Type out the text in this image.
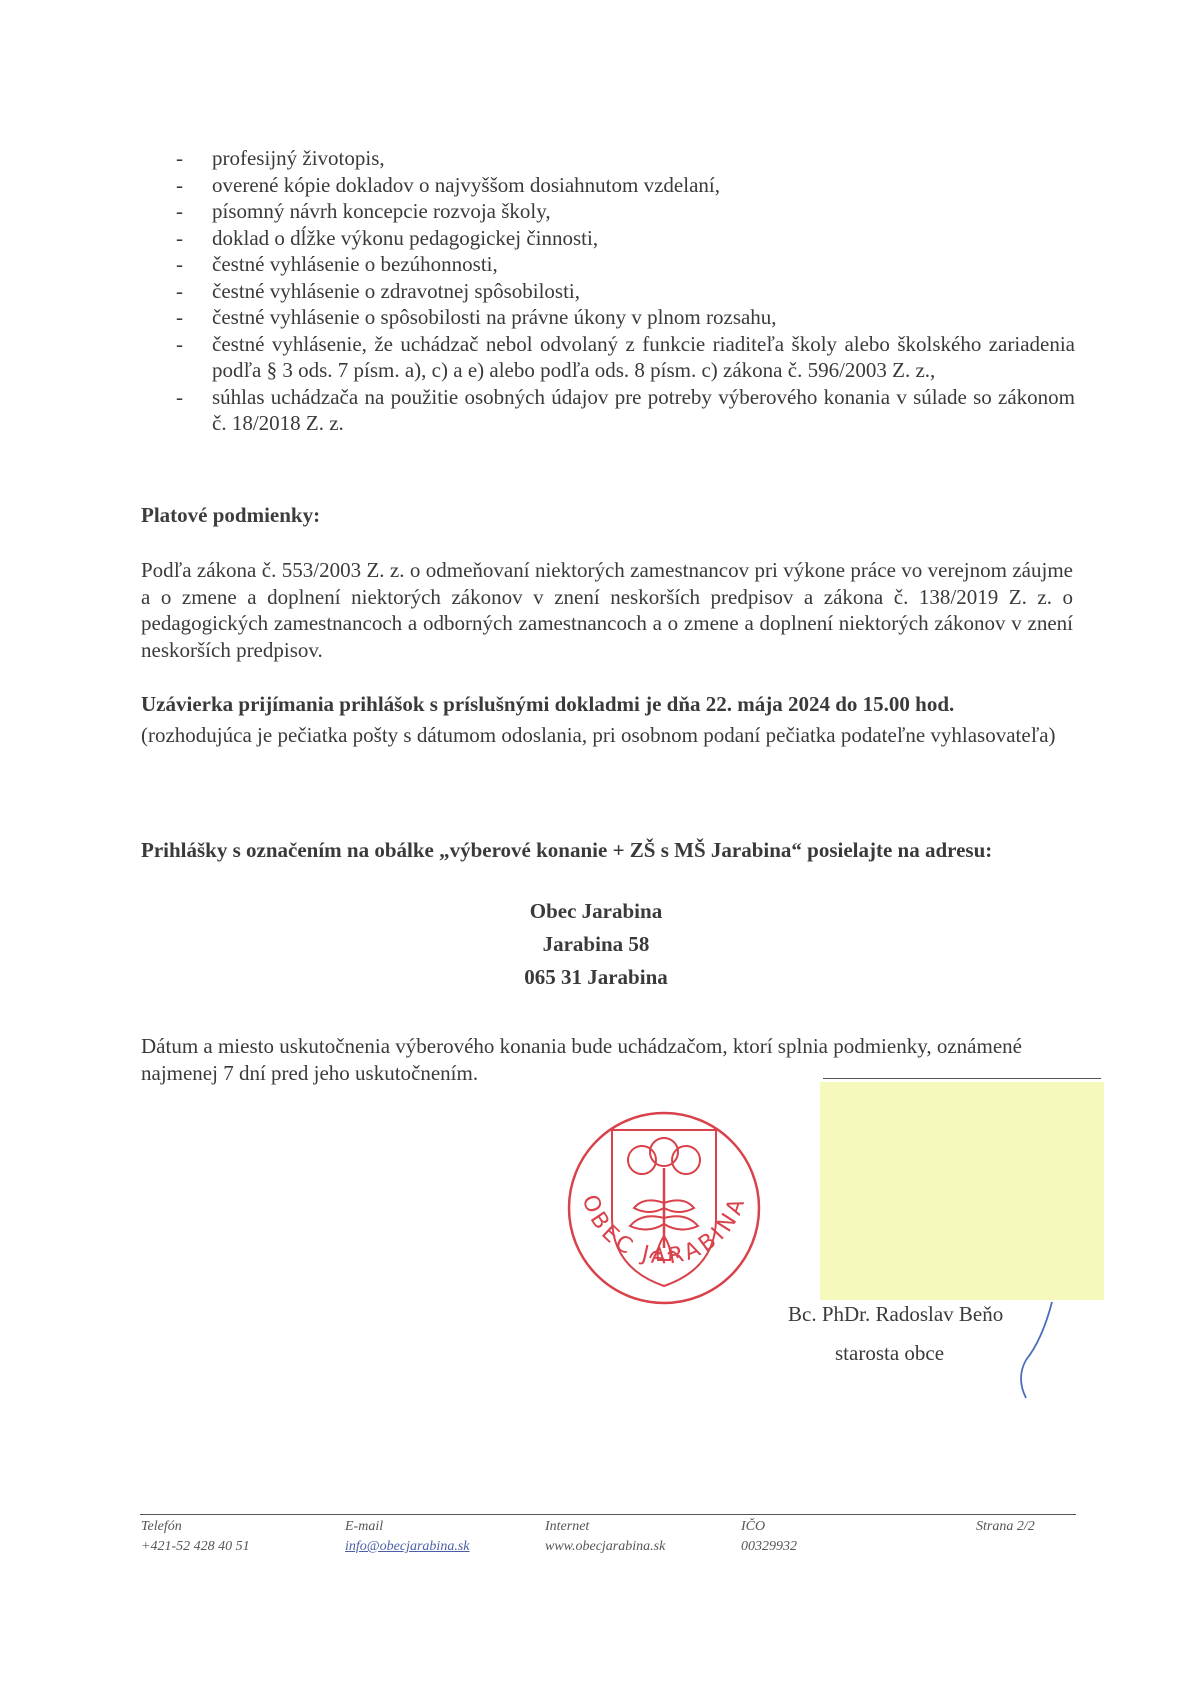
- profesijný životopis,
- overené kópie dokladov o najvyššom dosiahnutom vzdelaní,
- písomný návrh koncepcie rozvoja školy,
- doklad o dĺžke výkonu pedagogickej činnosti,
- čestné vyhlásenie o bezúhonnosti,
- čestné vyhlásenie o zdravotnej spôsobilosti,
- čestné vyhlásenie o spôsobilosti na právne úkony v plnom rozsahu,
- čestné vyhlásenie, že uchádzač nebol odvolaný z funkcie riaditeľa školy alebo školského zariadenia podľa § 3 ods. 7 písm. a), c) a e) alebo podľa ods. 8 písm. c) zákona č. 596/2003 Z. z.,
- súhlas uchádzača na použitie osobných údajov pre potreby výberového konania v súlade so zákonom č. 18/2018 Z. z.
Platové podmienky:
Podľa zákona č. 553/2003 Z. z. o odmeňovaní niektorých zamestnancov pri výkone práce vo verejnom záujme a o zmene a doplnení niektorých zákonov v znení neskorších predpisov a zákona č. 138/2019 Z. z. o pedagogických zamestnancoch a odborných zamestnancoch a o zmene a doplnení niektorých zákonov v znení neskorších predpisov.
Uzávierka prijímania prihlášok s príslušnými dokladmi je dňa 22. mája 2024 do 15.00 hod.
(rozhodujúca je pečiatka pošty s dátumom odoslania, pri osobnom podaní pečiatka podateľne vyhlasovateľa)
Prihlášky s označením na obálke „výberové konanie + ZŠ s MŠ Jarabina“ posielajte na adresu:
Obec Jarabina
Jarabina 58
065 31 Jarabina
Dátum a miesto uskutočnenia výberového konania bude uchádzačom, ktorí splnia podmienky, oznámené najmenej 7 dní pred jeho uskutočnením.
OBEC JARABINA
Bc. PhDr. Radoslav Beňo
starosta obce
Telefón
+421-52 428 40 51
E-mail
info@obecjarabina.sk
Internet
www.obecjarabina.sk
IČO
00329932
Strana 2/2
